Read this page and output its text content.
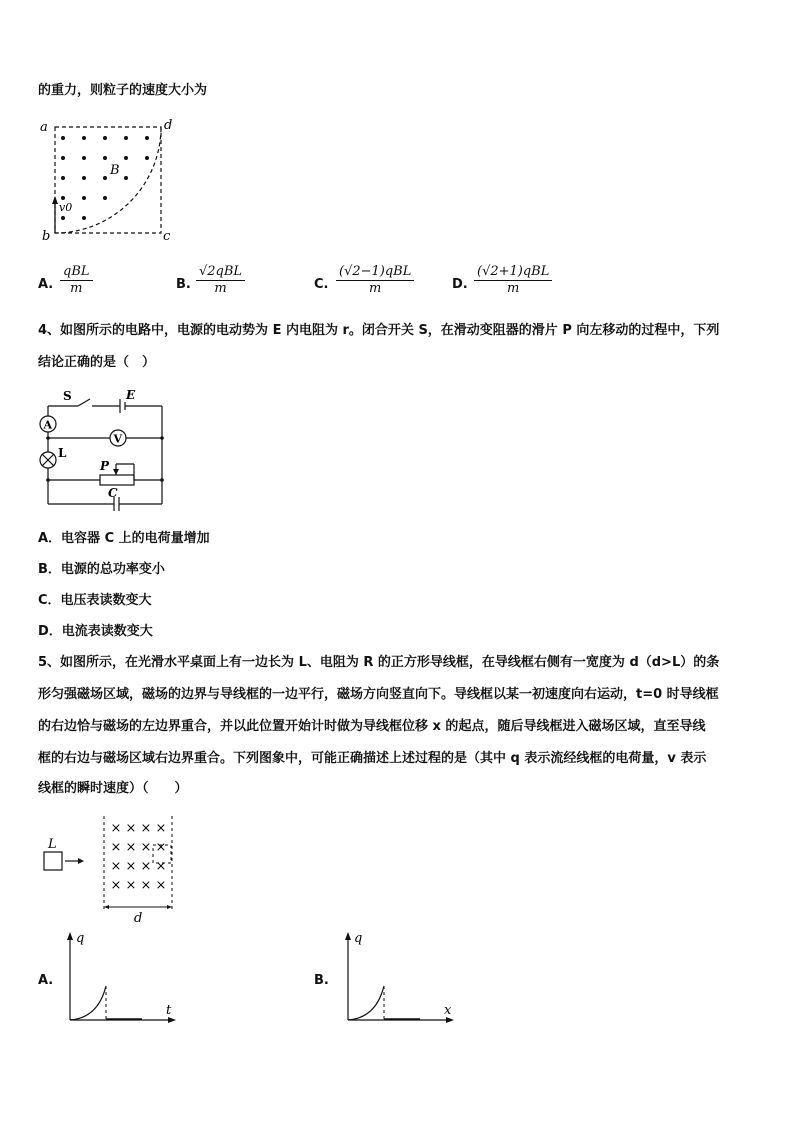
的重力，则粒子的速度大小为
a	d
b	c
B
v0
A.
qBL
m	B.
√2qBL
m	C.
(√2−1)qBL
m	D.
(√2+1)qBL
m
4、如图所示的电路中，电源的电动势为 E 内电阻为 r。闭合开关 S，在滑动变阻器的滑片 P 向左移动的过程中，下列
结论正确的是（　）
S	E
A
V
L
P
C
A．电容器 C 上的电荷量增加
B．电源的总功率变小
C．电压表读数变大
D．电流表读数变大
5、如图所示，在光滑水平桌面上有一边长为 L、电阻为 R 的正方形导线框，在导线框右侧有一宽度为 d（d>L）的条
形匀强磁场区域，磁场的边界与导线框的一边平行，磁场方向竖直向下。导线框以某一初速度向右运动，t=0 时导线框
的右边恰与磁场的左边界重合，并以此位置开始计时做为导线框位移 x 的起点，随后导线框进入磁场区域，直至导线
框的右边与磁场区域右边界重合。下列图象中，可能正确描述上述过程的是（其中 q 表示流经线框的电荷量，v 表示
线框的瞬时速度）（　　）
L
d
× × × ×
× × × ×
× × × ×
× × × ×
A.
q
t
B.
q
x
